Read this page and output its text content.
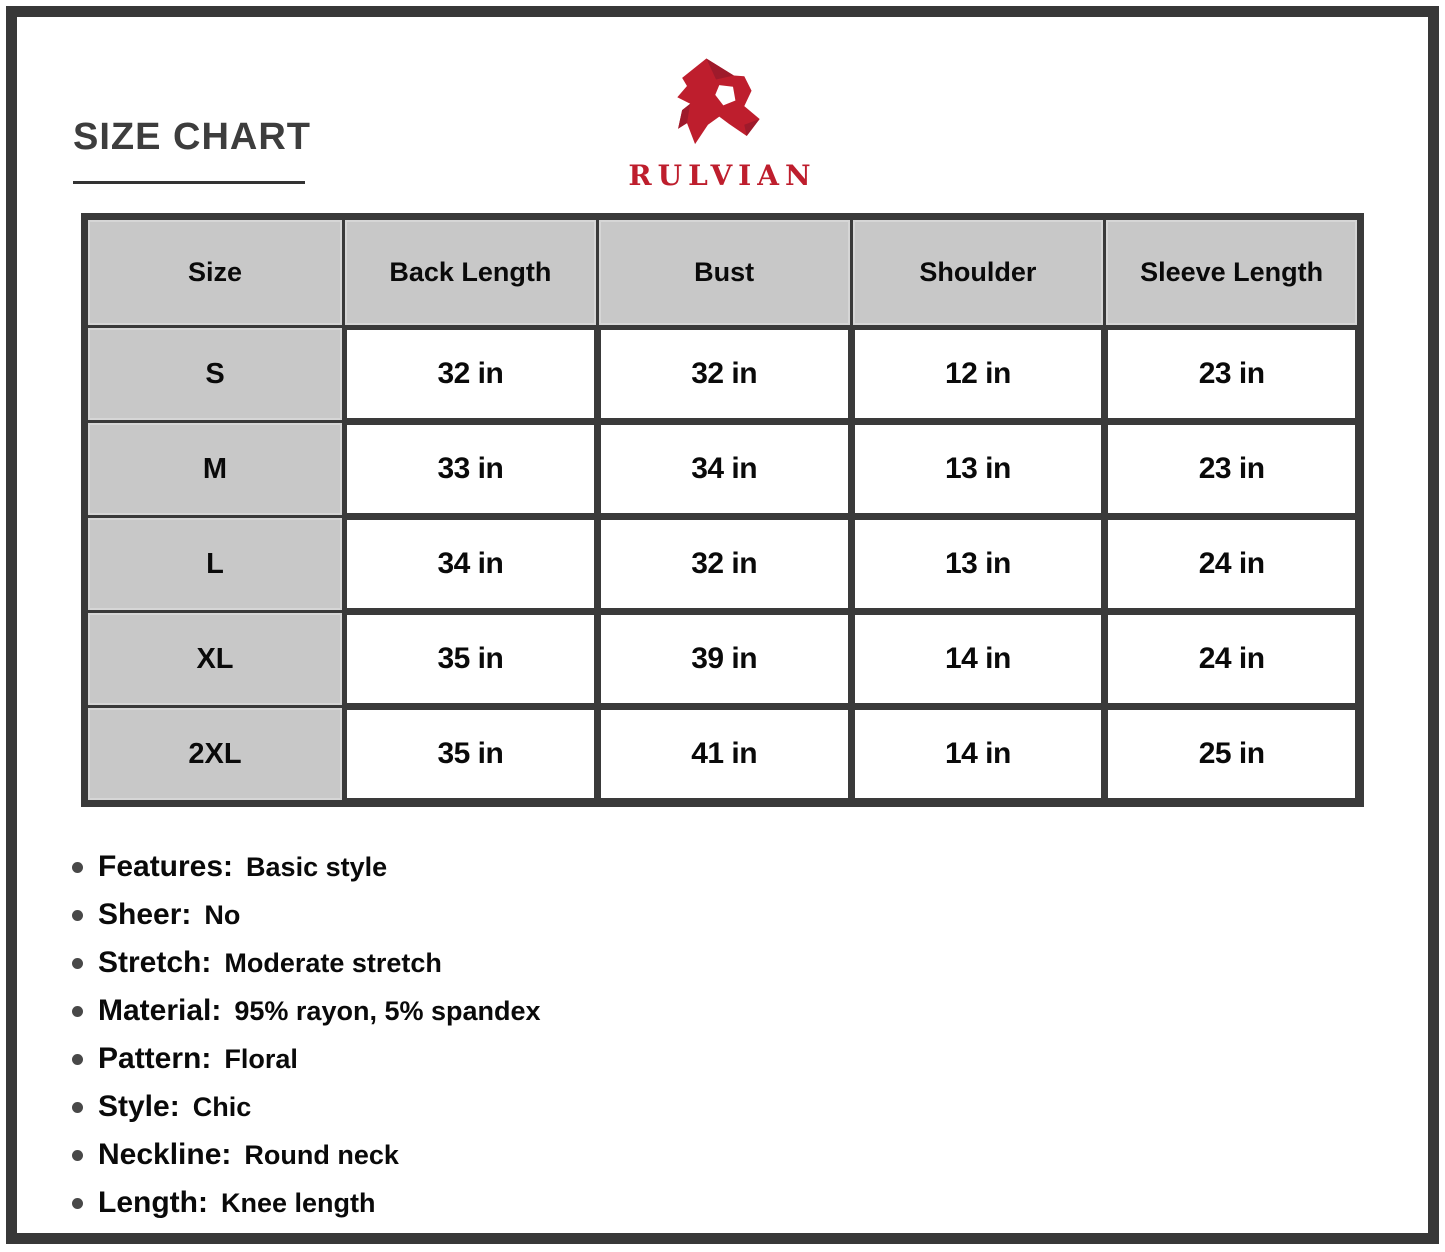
SIZE CHART
RULVIAN
Size	Back Length	Bust	Shoulder	Sleeve Length
S	32 in	32 in	12 in	23 in
M	33 in	34 in	13 in	23 in
L	34 in	32 in	13 in	24 in
XL	35 in	39 in	14 in	24 in
2XL	35 in	41 in	14 in	25 in
Features: Basic style
Sheer: No
Stretch: Moderate stretch
Material: 95% rayon, 5% spandex
Pattern: Floral
Style: Chic
Neckline: Round neck
Length: Knee length
